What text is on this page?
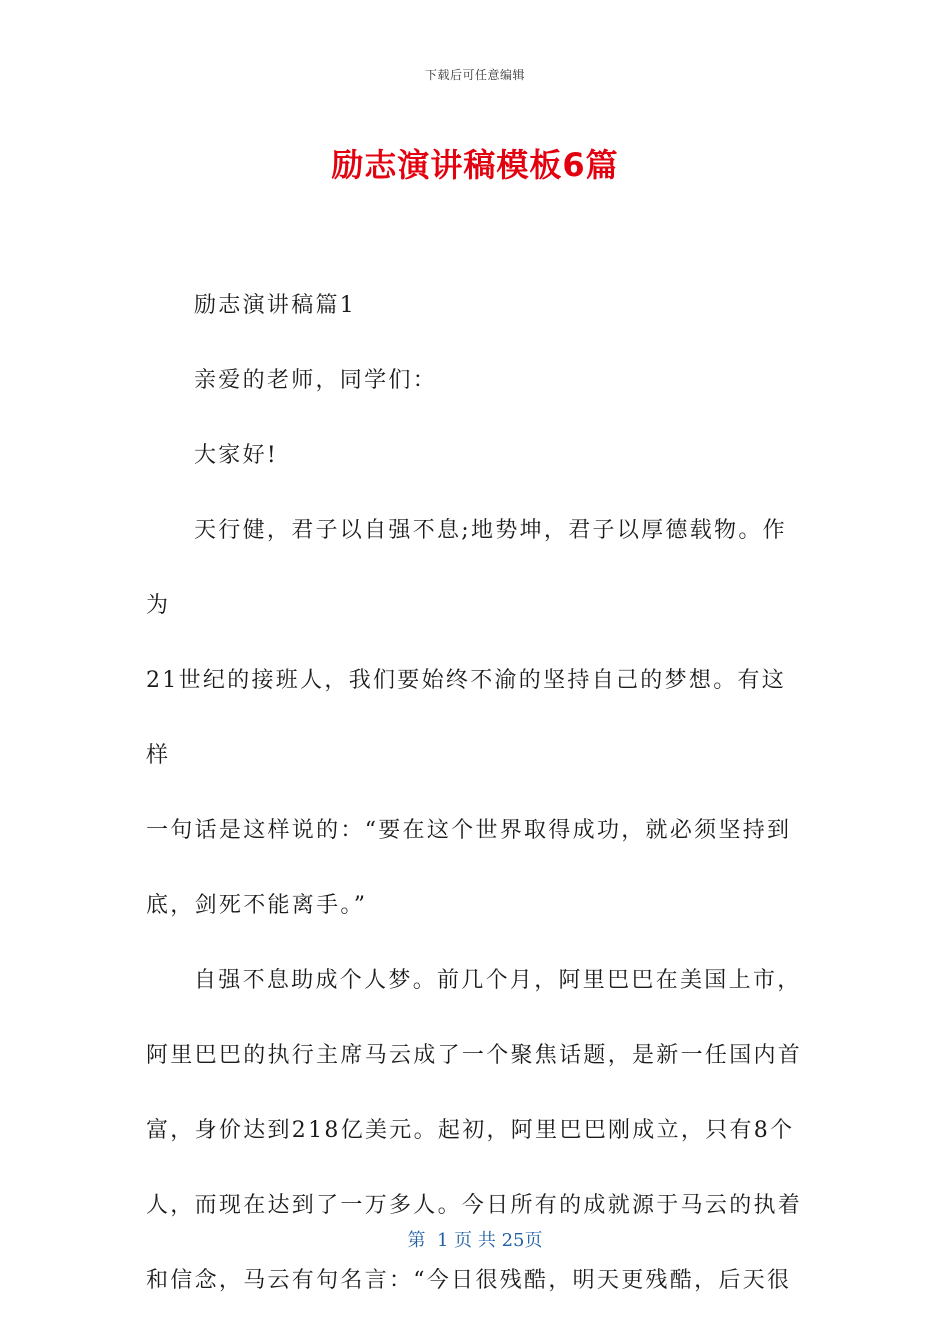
下载后可任意编辑
励志演讲稿模板6篇

励志演讲稿篇1

亲爱的老师，同学们：

大家好!

天行健，君子以自强不息;地势坤，君子以厚德载物。作为

21世纪的接班人，我们要始终不渝的坚持自己的梦想。有这样

一句话是这样说的：“要在这个世界取得成功，就必须坚持到

底，剑死不能离手。”

自强不息助成个人梦。前几个月，阿里巴巴在美国上市，

阿里巴巴的执行主席马云成了一个聚焦话题，是新一任国内首

富，身价达到218亿美元。起初，阿里巴巴刚成立，只有8个

人，而现在达到了一万多人。今日所有的成就源于马云的执着

和信念，马云有句名言：“今日很残酷，明天更残酷，后天很

第  1 页 共 25页
